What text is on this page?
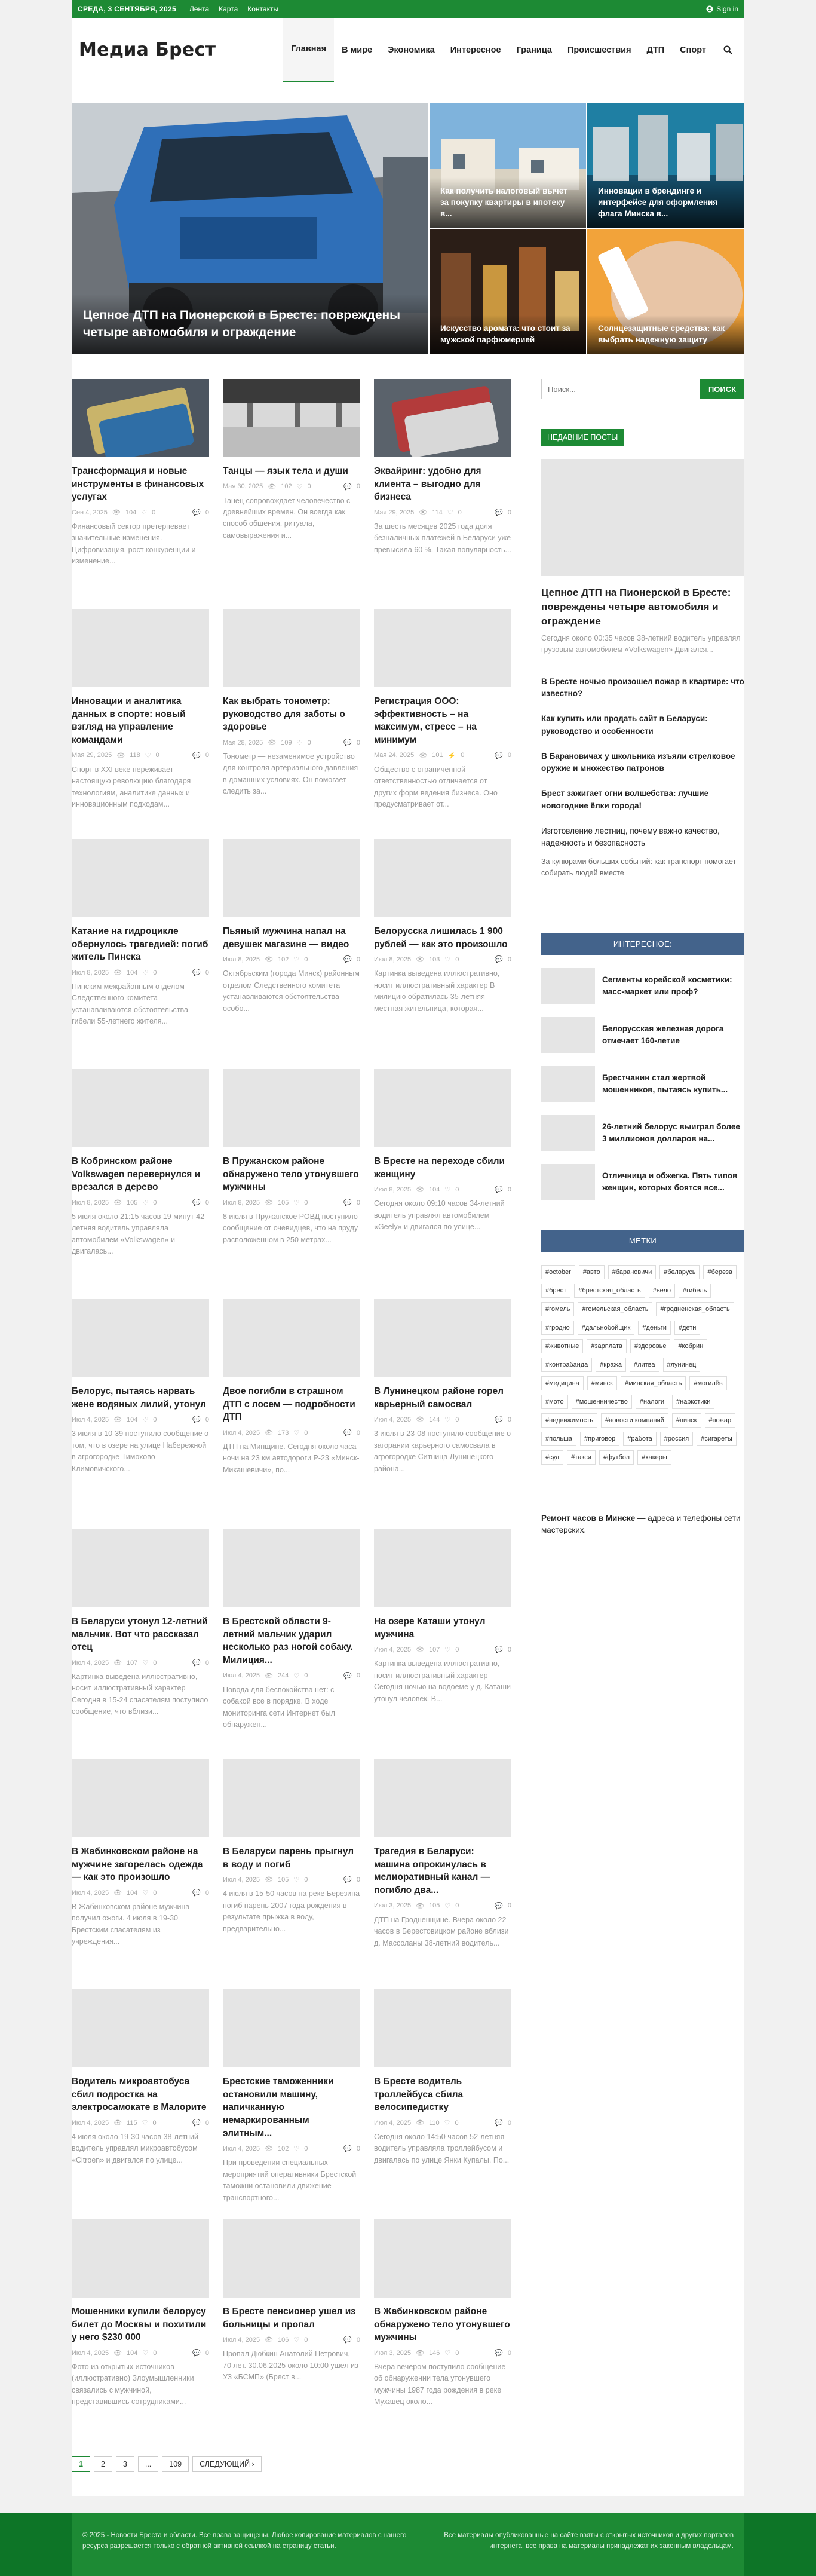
СРЕДА, 3 СЕНТЯБРЯ, 2025 Лента Карта Контакты	Sign in
Медиа Брест	Главная	В мире	Экономика	Интересное	Граница	Происшествия	ДТП	Спорт
Цепное ДТП на Пионерской в Бресте: повреждены четыре автомобиля и ограждение
Как получить налоговый вычет за покупку квартиры в ипотеку в...
Инновации в брендинге и интерфейсе для оформления флага Минска в...
Искусство аромата: что стоит за мужской парфюмерией
Солнцезащитные средства: как выбрать надежную защиту
Трансформация и новые инструменты в финансовых услугах
Сен 4, 2025 👁 104 ♡ 0	💬 0

Финансовый сектор претерпевает значительные изменения. Цифровизация, рост конкуренции и изменение...

Танцы — язык тела и души
Мая 30, 2025 👁 102 ♡ 0	💬 0

Танец сопровождает человечество с древнейших времен. Он всегда как способ общения, ритуала, самовыражения и...

Эквайринг: удобно для клиента – выгодно для бизнеса
Мая 29, 2025 👁 114 ♡ 0	💬 0

За шесть месяцев 2025 года доля безналичных платежей в Беларуси уже превысила 60 %. Такая популярность...

Инновации и аналитика данных в спорте: новый взгляд на управление командами
Мая 29, 2025 👁 118 ♡ 0	💬 0

Спорт в XXI веке переживает настоящую революцию благодаря технологиям, аналитике данных и инновационным подходам...

Как выбрать тонометр: руководство для заботы о здоровье
Мая 28, 2025 👁 109 ♡ 0	💬 0

Тонометр — незаменимое устройство для контроля артериального давления в домашних условиях. Он помогает следить за...

Регистрация ООО: эффективность – на максимум, стресс – на минимум
Мая 24, 2025 👁 101 ⚡ 0	💬 0

Общество с ограниченной ответственностью отличается от других форм ведения бизнеса. Оно предусматривает от...

Катание на гидроцикле обернулось трагедией: погиб житель Пинска
Июл 8, 2025 👁 104 ♡ 0	💬 0

Пинским межрайонным отделом Следственного комитета устанавливаются обстоятельства гибели 55-летнего жителя...

Пьяный мужчина напал на девушек магазине — видео
Июл 8, 2025 👁 102 ♡ 0	💬 0

Октябрьским (города Минск) районным отделом Следственного комитета устанавливаются обстоятельства особо...

Белорусска лишилась 1 900 рублей — как это произошло
Июл 8, 2025 👁 103 ♡ 0	💬 0

Картинка выведена иллюстративно, носит иллюстративный характер В милицию обратилась 35-летняя местная жительница, которая...

В Кобринском районе Volkswagen перевернулся и врезался в дерево
Июл 8, 2025 👁 105 ♡ 0	💬 0

5 июля около 21:15 часов 19 минут 42-летняя водитель управляла автомобилем «Volkswagen» и двигалась...

В Пружанском районе обнаружено тело утонувшего мужчины
Июл 8, 2025 👁 105 ♡ 0	💬 0

8 июля в Пружанское РОВД поступило сообщение от очевидцев, что на пруду расположенном в 250 метрах...

В Бресте на переходе сбили женщину
Июл 8, 2025 👁 104 ♡ 0	💬 0

Сегодня около 09:10 часов 34-летний водитель управлял автомобилем «Geely» и двигался по улице...

Белорус, пытаясь нарвать жене водяных лилий, утонул
Июл 4, 2025 👁 104 ♡ 0	💬 0

3 июля в 10-39 поступило сообщение о том, что в озере на улице Набережной в агрогородке Тимохово Климовичского...

Двое погибли в страшном ДТП с лосем — подробности ДТП
Июл 4, 2025 👁 173 ♡ 0	💬 0

ДТП на Минщине. Сегодня около часа ночи на 23 км автодороги Р-23 «Минск-Микашевичи», по...

В Лунинецком районе горел карьерный самосвал
Июл 4, 2025 👁 144 ♡ 0	💬 0

3 июля в 23-08 поступило сообщение о загорании карьерного самосвала в агрогородке Ситница Лунинецкого района...

В Беларуси утонул 12-летний мальчик. Вот что рассказал отец
Июл 4, 2025 👁 107 ♡ 0	💬 0

Картинка выведена иллюстративно, носит иллюстративный характер Сегодня в 15-24 спасателям поступило сообщение, что вблизи...

В Брестской области 9-летний мальчик ударил несколько раз ногой собаку. Милиция...
Июл 4, 2025 👁 244 ♡ 0	💬 0

Повода для беспокойства нет: с собакой все в порядке. В ходе мониторинга сети Интернет был обнаружен...

На озере Каташи утонул мужчина
Июл 4, 2025 👁 107 ♡ 0	💬 0

Картинка выведена иллюстративно, носит иллюстративный характер Сегодня ночью на водоеме у д. Каташи утонул человек. В...

В Жабинковском районе на мужчине загорелась одежда — как это произошло
Июл 4, 2025 👁 104 ♡ 0	💬 0

В Жабинковском районе мужчина получил ожоги. 4 июля в 19-30 Брестским спасателям из учреждения...

В Беларуси парень прыгнул в воду и погиб
Июл 4, 2025 👁 105 ♡ 0	💬 0

4 июля в 15-50 часов на реке Березина погиб парень 2007 года рождения в результате прыжка в воду, предварительно...

Трагедия в Беларуси: машина опрокинулась в мелиоративный канал — погибло два...
Июл 3, 2025 👁 105 ♡ 0	💬 0

ДТП на Гродненщине. Вчера около 22 часов в Берестовицком районе вблизи д. Массоланы 38-летний водитель...

Водитель микроавтобуса сбил подростка на электросамокате в Малорите
Июл 4, 2025 👁 115 ♡ 0	💬 0

4 июля около 19-30 часов 38-летний водитель управлял микроавтобусом «Citroen» и двигался по улице...

Брестские таможенники остановили машину, напичканную немаркированным элитным...
Июл 4, 2025 👁 102 ♡ 0	💬 0

При проведении специальных мероприятий оперативники Брестской таможни остановили движение транспортного...

В Бресте водитель троллейбуса сбила велосипедистку
Июл 4, 2025 👁 110 ♡ 0	💬 0

Сегодня около 14:50 часов 52-летняя водитель управляла троллейбусом и двигалась по улице Янки Купалы. По...

Мошенники купили белорусу билет до Москвы и похитили у него $230 000
Июл 4, 2025 👁 104 ♡ 0	💬 0

Фото из открытых источников (иллюстративно) Злоумышленники связались с мужчиной, представившись сотрудниками...

В Бресте пенсионер ушел из больницы и пропал
Июл 4, 2025 👁 106 ♡ 0	💬 0

Пропал Дюбкин Анатолий Петрович, 70 лет. 30.06.2025 около 10:00 ушел из УЗ «БСМП» (Брест в...

В Жабинковском районе обнаружено тело утонувшего мужчины
Июл 3, 2025 👁 146 ♡ 0	💬 0

Вчера вечером поступило сообщение об обнаружении тела утонувшего мужчины 1987 года рождения в реке Мухавец около...

1	2	3	...	109	СЛЕДУЮЩИЙ ›
Поиск...
ПОИСК
НЕДАВНИЕ ПОСТЫ
Цепное ДТП на Пионерской в Бресте: повреждены четыре автомобиля и ограждение
Сегодня около 00:35 часов 38-летний водитель управлял грузовым автомобилем «Volkswagen» Двигался...
В Бресте ночью произошел пожар в квартире: что известно?
Как купить или продать сайт в Беларуси: руководство и особенности
В Барановичах у школьника изъяли стрелковое оружие и множество патронов
Брест зажигает огни волшебства: лучшие новогодние ёлки города!
Изготовление лестниц, почему важно качество, надежность и безопасность
За купюрами больших событий: как транспорт помогает собирать людей вместе
ИНТЕРЕСНОЕ:
Сегменты корейской косметики: масс-маркет или проф?
Белорусская железная дорога отмечает 160-летие
Брестчанин стал жертвой мошенников, пытаясь купить...
26-летний белорус выиграл более 3 миллионов долларов на...
Отличница и обжегка. Пять типов женщин, которых боятся все...
МЕТКИ
#october	#авто	#барановичи	#беларусь	#береза
#брест	#брестская_область	#вело	#гибель
#гомель	#гомельская_область	#гродненская_область
#гродно	#дальнобойщик	#деньги	#дети
#животные	#зарплата	#здоровье	#кобрин
#контрабанда	#кража	#литва	#лунинец
#медицина	#минск	#минская_область	#могилёв
#мото	#мошенничество	#налоги	#наркотики
#недвижимость	#новости компаний	#пинск	#пожар
#польша	#приговор	#работа	#россия	#сигареты
#суд	#такси	#футбол	#хакеры
Ремонт часов в Минске — адреса и телефоны сети мастерских.
© 2025 - Новости Бреста и области. Все права защищены. Любое копирование материалов с нашего ресурса разрешается только с обратной активной ссылкой на страницу статьи.
Все материалы опубликованные на сайте взяты с открытых источников и других порталов интернета, все права на материалы принадлежат их законным владельцам.
